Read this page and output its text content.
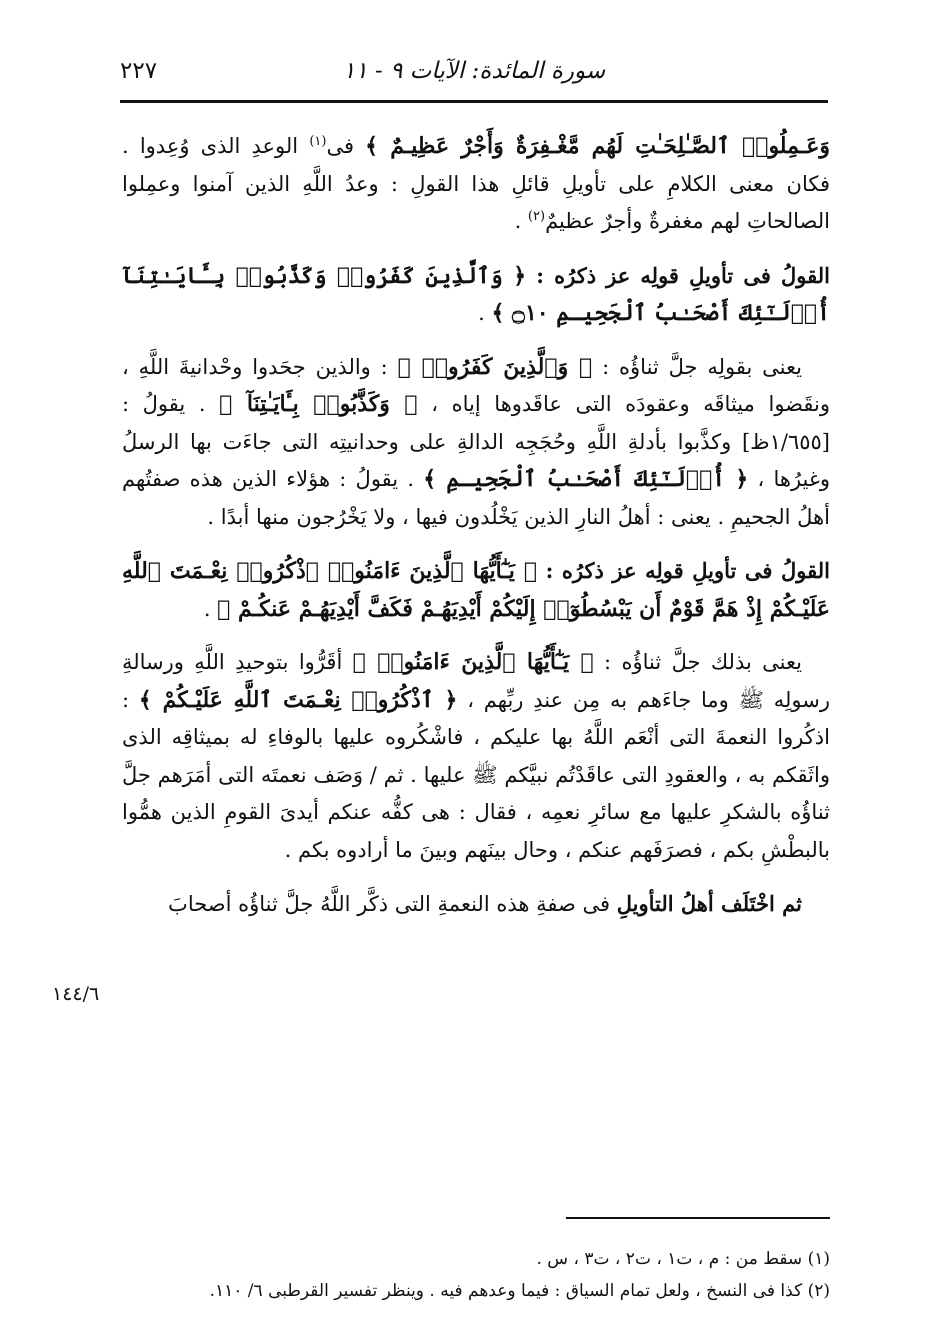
سورة المائدة: الآيات ٩ - ١١
٢٢٧

وَعَـمِلُوا۟ ٱلصَّـٰلِحَـٰتِ لَهُم مَّغْـفِرَةٌ وَأَجْرٌ عَظِيـمٌ ﴾ فى$^{(١)}$ الوعدِ الذى وُعِدوا . فكان معنى الكلامِ على تأويلِ قائلِ هذا القولِ : وعدُ اللَّهِ الذين آمنوا وعمِلوا الصالحاتِ لهم مغفرةٌ وأجرٌ عظيمٌ$^{(٢)}$ .

القولُ فى تأويلِ قولِه عز ذكرُه : ﴿ وَٱلَّذِينَ كَفَرُوا۟ وَكَذَّبُوا۟ بِـَٔايَـٰتِنَآ أُو۟لَـٰٓئِكَ أَصْحَـٰبُ ٱلْجَحِيـمِ ۝١٠ ﴾ .

يعنى بقولِه جلَّ ثناؤُه : ﴿ وَٱلَّذِينَ كَفَرُوا۟ ﴾ : والذين جحَدوا وحْدانيةَ اللَّهِ ، ونقَضوا ميثاقَه وعقودَه التى عاقَدوها إياه ، ﴿ وَكَذَّبُوا۟ بِـَٔايَـٰتِنَآ ﴾ . يقولُ : [١/٦٥٥ظ] وكذَّبوا بأدلةِ اللَّهِ وحُجَجِه الدالةِ على وحدانيتِه التى جاءَت بها الرسلُ وغيرُها ، ﴿ أُو۟لَـٰٓئِكَ أَصْحَـٰبُ ٱلْجَحِيـمِ ﴾ . يقولُ : هؤلاء الذين هذه صفتُهم أهلُ الجحيمِ . يعنى : أهلُ النارِ الذين يَخْلُدون فيها ، ولا يَخْرُجون منها أبدًا .

القولُ فى تأويلِ قولِه عز ذكرُه : ﴿ يَـٰٓأَيُّهَا ٱلَّذِينَ ءَامَنُوا۟ ٱذْكُرُوا۟ نِعْـمَتَ ٱللَّهِ عَلَيْـكُمْ إِذْ هَمَّ قَوْمٌ أَن يَبْسُطُوٓا۟ إِلَيْكُمْ أَيْدِيَهُـمْ فَكَفَّ أَيْدِيَهُـمْ عَنكُـمْ ﴾ .

يعنى بذلك جلَّ ثناؤُه : ﴿ يَـٰٓأَيُّهَا ٱلَّذِينَ ءَامَنُوا۟ ﴾ أقَرُّوا بتوحيدِ اللَّهِ ورسالةِ رسولِه ﷺ وما جاءَهم به مِن عندِ ربِّهم ، ﴿ ٱذْكُرُوا۟ نِعْـمَتَ ٱللَّهِ عَلَيْـكُمْ ﴾ : اذكُروا النعمةَ التى أنْعَم اللَّهُ بها عليكم ، فاشْكُروه عليها بالوفاءِ له بميثاقِه الذى واثَقكم به ، والعقودِ التى عاقَدْتُم نبيَّكم ﷺ عليها . ثم / وَصَف نعمتَه التى أمَرَهم جلَّ ثناؤُه بالشكرِ عليها مع سائرِ نعمِه ، فقال : هى كفُّه عنكم أيدىَ القومِ الذين همُّوا بالبطْشِ بكم ، فصرَفَهم عنكم ، وحال بينَهم وبينَ ما أرادوه بكم .

ثم اخْتَلَف أهلُ التأويلِ فى صفةِ هذه النعمةِ التى ذكَّر اللَّهُ جلَّ ثناؤُه أصحابَ

١٤٤/٦

(١) سقط من : م ، ت١ ، ت٢ ، ت٣ ، س .

(٢) كذا فى النسخ ، ولعل تمام السياق : فيما وعدهم فيه . وينظر تفسير القرطبى ٦/ ١١٠.
